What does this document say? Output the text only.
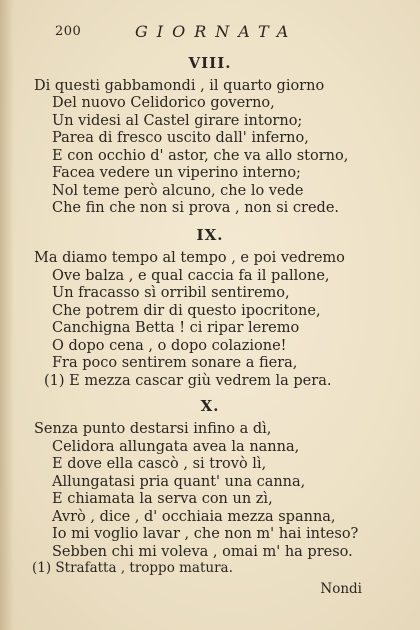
200	GIORNATA
VIII.
Di questi gabbamondi , il quarto giorno
Del nuovo Celidorico governo,
Un videsi al Castel girare intorno;
Parea di fresco uscito dall' inferno,
E con occhio d' astor, che va allo storno,
Facea vedere un viperino interno;
Nol teme però alcuno, che lo vede
Che fin che non si prova , non si crede.
IX.
Ma diamo tempo al tempo , e poi vedremo
Ove balza , e qual caccia fa il pallone,
Un fracasso sì orribil sentiremo,
Che potrem dir di questo ipocritone,
Canchigna Betta ! ci ripar leremo
O dopo cena , o dopo colazione!
Fra poco sentirem sonare a fiera,
(1) E mezza cascar giù vedrem la pera.
X.
Senza punto destarsi infino a dì,
Celidora allungata avea la nanna,
E dove ella cascò , si trovò lì,
Allungatasi pria quant' una canna,
E chiamata la serva con un zì,
Avrò , dice , d' occhiaia mezza spanna,
Io mi voglio lavar , che non m' hai inteso?
Sebben chi mi voleva , omai m' ha preso.
(1) Strafatta , troppo matura.
Nondi
